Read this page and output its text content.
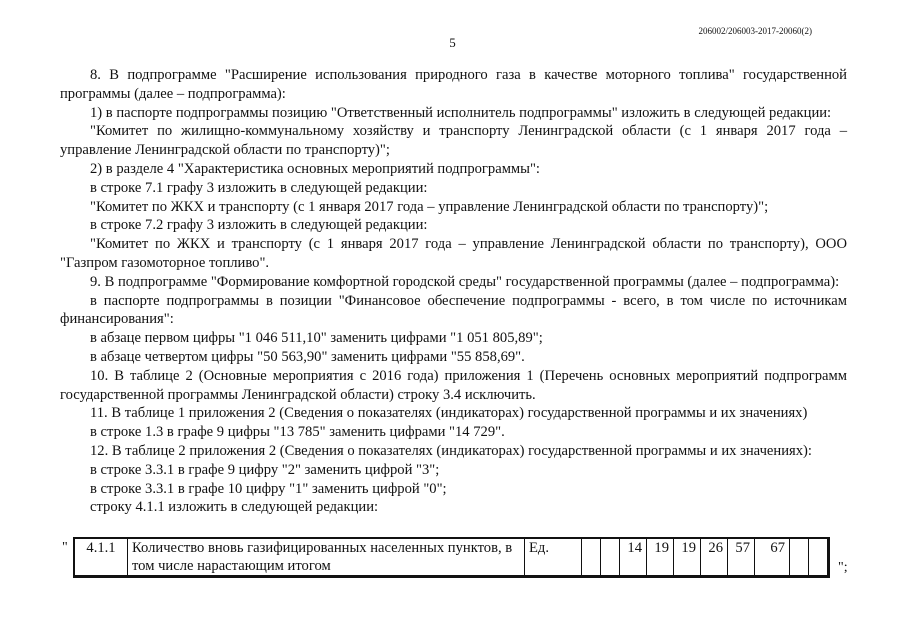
206002/206003-2017-20060(2)
5

8. В подпрограмме "Расширение использования природного газа в качестве моторного топлива" государственной программы (далее – подпрограмма):

1) в паспорте подпрограммы позицию "Ответственный исполнитель подпрограммы" изложить в следующей редакции:

"Комитет по жилищно-коммунальному хозяйству и транспорту Ленинградской области (с 1 января 2017 года – управление Ленинградской области по транспорту)";

2) в разделе 4 "Характеристика основных мероприятий подпрограммы":

в строке 7.1 графу 3 изложить в следующей редакции:

"Комитет по ЖКХ и транспорту (с 1 января 2017 года – управление Ленинградской области по транспорту)";

в строке 7.2 графу 3 изложить в следующей редакции:

"Комитет по ЖКХ и транспорту (с 1 января 2017 года – управление Ленинградской области по транспорту), ООО "Газпром газомоторное топливо".

9. В подпрограмме "Формирование комфортной городской среды" государственной программы (далее – подпрограмма):

в паспорте подпрограммы в позиции "Финансовое обеспечение подпрограммы - всего, в том числе по источникам финансирования":

в абзаце первом цифры "1 046 511,10" заменить цифрами "1 051 805,89";

в абзаце четвертом цифры "50 563,90" заменить цифрами "55 858,69".

10. В таблице 2 (Основные мероприятия с 2016 года) приложения 1 (Перечень основных мероприятий подпрограмм государственной программы Ленинградской области) строку 3.4 исключить.

11. В таблице 1 приложения 2 (Сведения о показателях (индикаторах) государственной программы и их значениях)

в строке 1.3 в графе 9 цифры "13 785" заменить цифрами "14 729".

12. В таблице 2 приложения 2 (Сведения о показателях (индикаторах) государственной программы и их значениях):

в строке 3.3.1 в графе 9 цифру "2" заменить цифрой "3";

в строке 3.3.1 в графе 10 цифру "1" заменить цифрой "0";

строку 4.1.1 изложить в следующей редакции:

" 4.1.1	Количество вновь газифицированных населенных пунктов, в том числе нарастающим итогом	Ед.			14	19	19	26	57	67		
";
